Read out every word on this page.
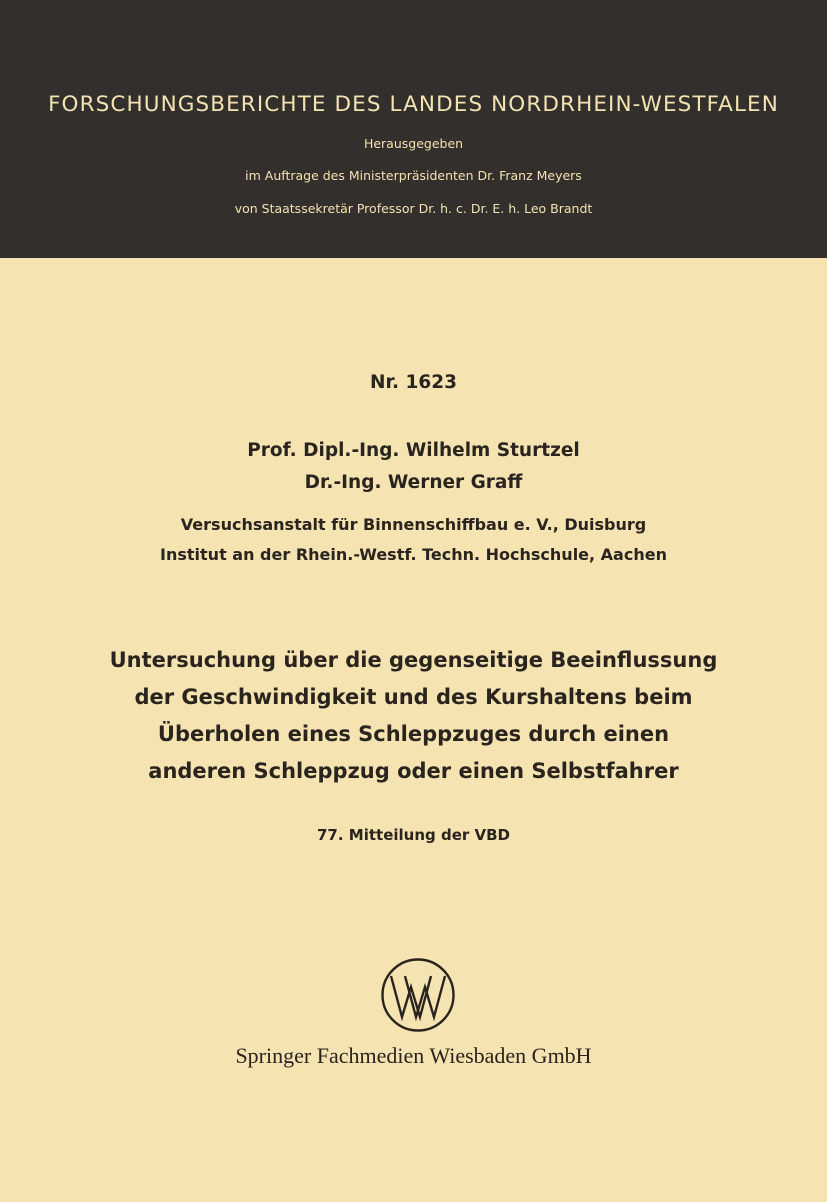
FORSCHUNGSBERICHTE DES LANDES NORDRHEIN-WESTFALEN
Herausgegeben
im Auftrage des Ministerpräsidenten Dr. Franz Meyers
von Staatssekretär Professor Dr. h. c. Dr. E. h. Leo Brandt
Nr. 1623
Prof. Dipl.-Ing. Wilhelm Sturtzel
Dr.-Ing. Werner Graff
Versuchsanstalt für Binnenschiffbau e. V., Duisburg
Institut an der Rhein.-Westf. Techn. Hochschule, Aachen
Untersuchung über die gegenseitige Beeinflussung
der Geschwindigkeit und des Kurshaltens beim
Überholen eines Schleppzuges durch einen
anderen Schleppzug oder einen Selbstfahrer
77. Mitteilung der VBD
Springer Fachmedien Wiesbaden GmbH
